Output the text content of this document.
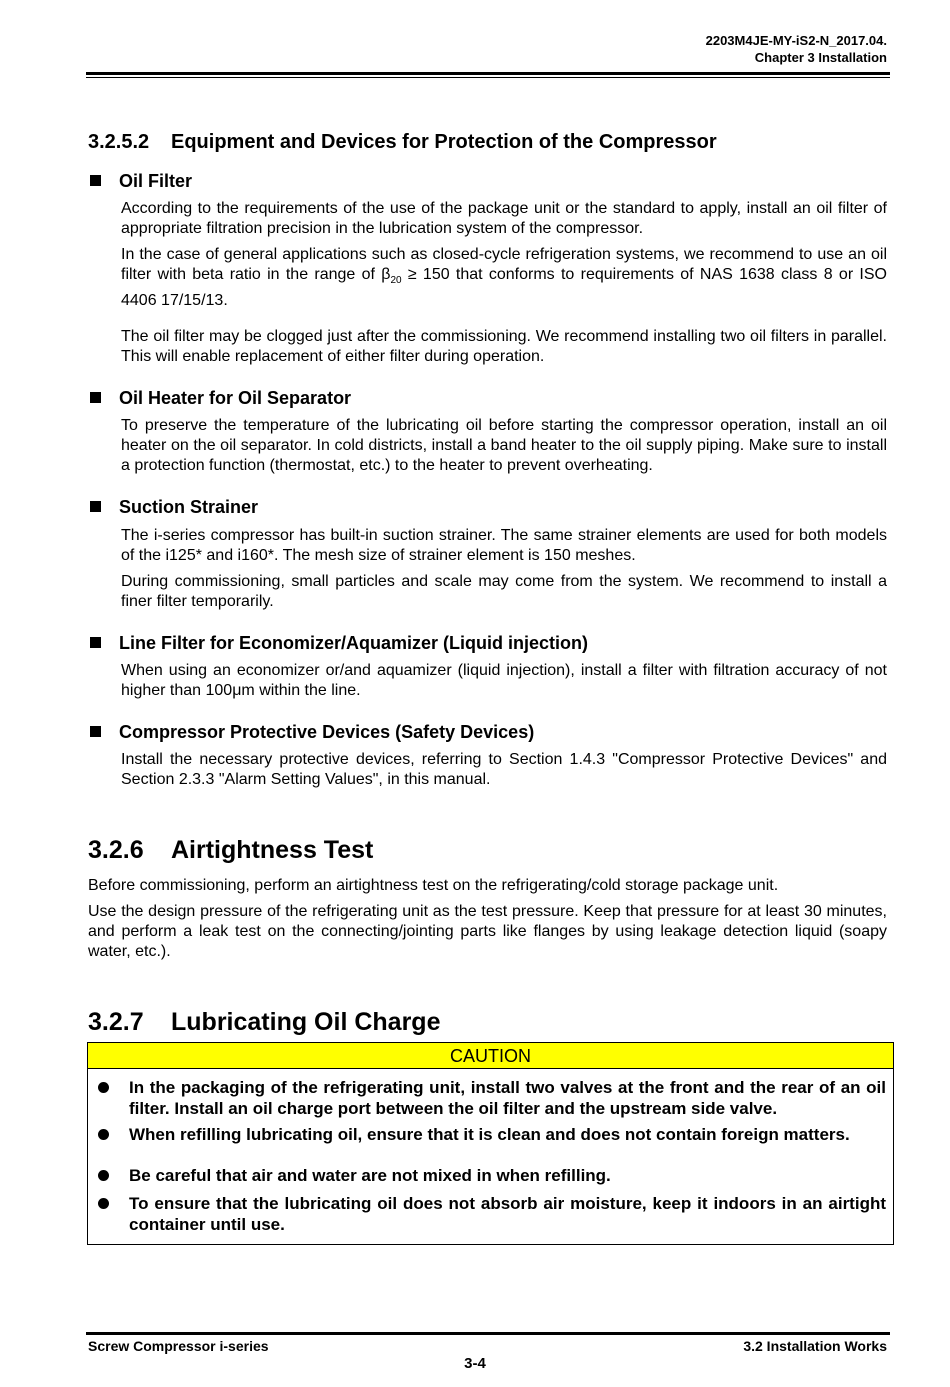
2203M4JE-MY-iS2-N_2017.04.
Chapter 3 Installation
3.2.5.2 Equipment and Devices for Protection of the Compressor
Oil Filter
According to the requirements of the use of the package unit or the standard to apply, install an oil filter of appropriate filtration precision in the lubrication system of the compressor.
In the case of general applications such as closed-cycle refrigeration systems, we recommend to use an oil filter with beta ratio in the range of $\beta_{20} \ge 150$ that conforms to requirements of NAS 1638 class 8 or ISO 4406 17/15/13.
The oil filter may be clogged just after the commissioning. We recommend installing two oil filters in parallel. This will enable replacement of either filter during operation.
Oil Heater for Oil Separator
To preserve the temperature of the lubricating oil before starting the compressor operation, install an oil heater on the oil separator. In cold districts, install a band heater to the oil supply piping. Make sure to install a protection function (thermostat, etc.) to the heater to prevent overheating.
Suction Strainer
The i-series compressor has built-in suction strainer. The same strainer elements are used for both models of the i125* and i160*. The mesh size of strainer element is 150 meshes.
During commissioning, small particles and scale may come from the system. We recommend to install a finer filter temporarily.
Line Filter for Economizer/Aquamizer (Liquid injection)
When using an economizer or/and aquamizer (liquid injection), install a filter with filtration accuracy of not higher than 100μm within the line.
Compressor Protective Devices (Safety Devices)
Install the necessary protective devices, referring to Section 1.4.3 "Compressor Protective Devices" and Section 2.3.3 "Alarm Setting Values", in this manual.
3.2.6 Airtightness Test
Before commissioning, perform an airtightness test on the refrigerating/cold storage package unit.
Use the design pressure of the refrigerating unit as the test pressure. Keep that pressure for at least 30 minutes, and perform a leak test on the connecting/jointing parts like flanges by using leakage detection liquid (soapy water, etc.).
3.2.7 Lubricating Oil Charge
CAUTION
In the packaging of the refrigerating unit, install two valves at the front and the rear of an oil filter. Install an oil charge port between the oil filter and the upstream side valve.
When refilling lubricating oil, ensure that it is clean and does not contain foreign matters.
Be careful that air and water are not mixed in when refilling.
To ensure that the lubricating oil does not absorb air moisture, keep it indoors in an airtight container until use.
Screw Compressor i-series	3.2 Installation Works
3-4
